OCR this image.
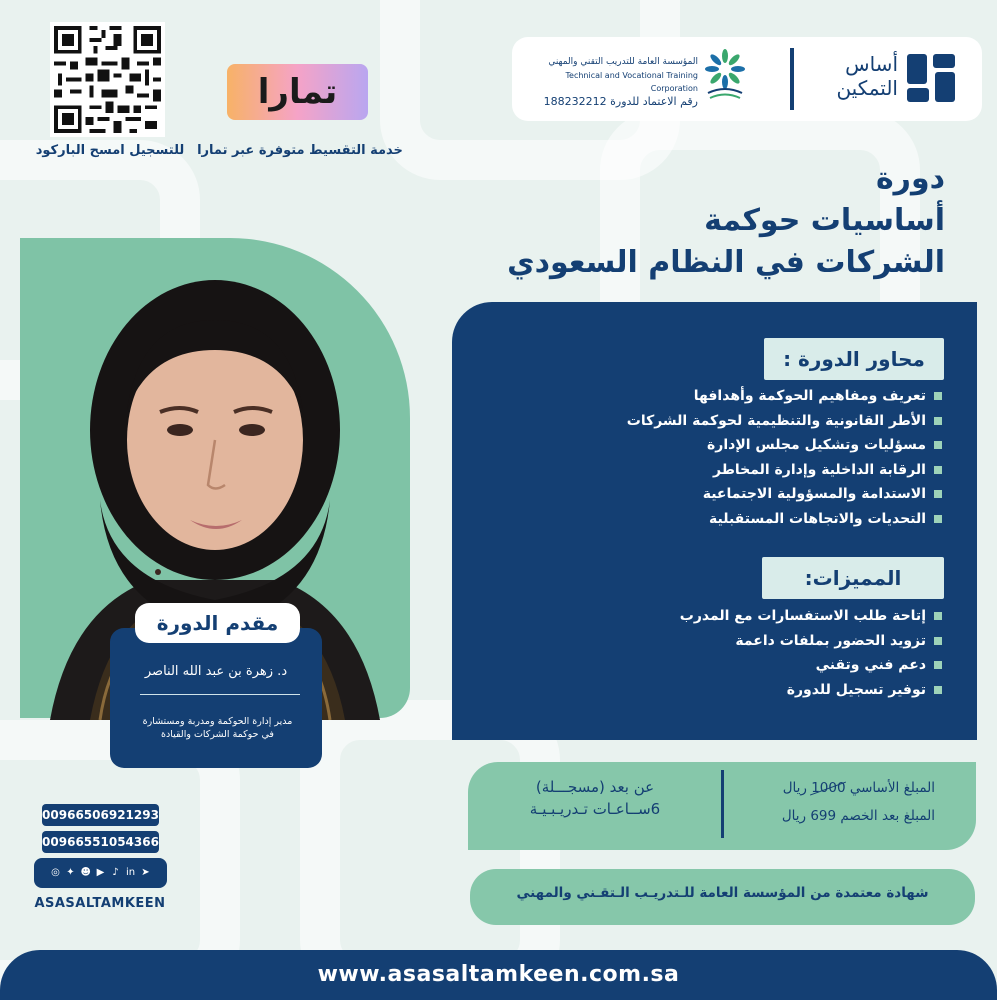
للتسجيل امسح الباركود
تمارا
خدمة التقسيط متوفرة عبر تمارا
المؤسسة العامة للتدريب التقني والمهني
Technical and Vocational Training Corporation
رقم الاعتماد للدورة 188232212
أساس
التمكين
دورة
أساسيات حوكمة
الشركات في النظام السعودي
مقدم الدورة
د. زهرة بن عبد الله الناصر
مدير إدارة الحوكمة ومدربة ومستشارة
في حوكمة الشركات والقيادة
محاور الدورة :
تعريف ومفاهيم الحوكمة وأهدافها
الأطر القانونية والتنظيمية لحوكمة الشركات
مسؤليات وتشكيل مجلس الإدارة
الرقابة الداخلية وإدارة المخاطر
الاستدامة والمسؤولية الاجتماعية
التحديات والاتجاهات المستقبلية
المميزات:
إتاحة طلب الاستفسارات مع المدرب
تزويد الحضور بملفات داعمة
دعم فني وتقني
توفير تسجيل للدورة
المبلغ الأساسي 1000 ريال
المبلغ بعد الخصم 699 ريال
عن بعد (مسجـــلة)
6ســاعـات تـدريـبـيـة
شهادة معتمدة من المؤسسة العامة للـتدريـب الـتقـني والمهني
00966506921293
00966551054366
◎ ✦ ☻ ▶ ♪ in ➤
ASASALTAMKEEN
www.asasaltamkeen.com.sa
